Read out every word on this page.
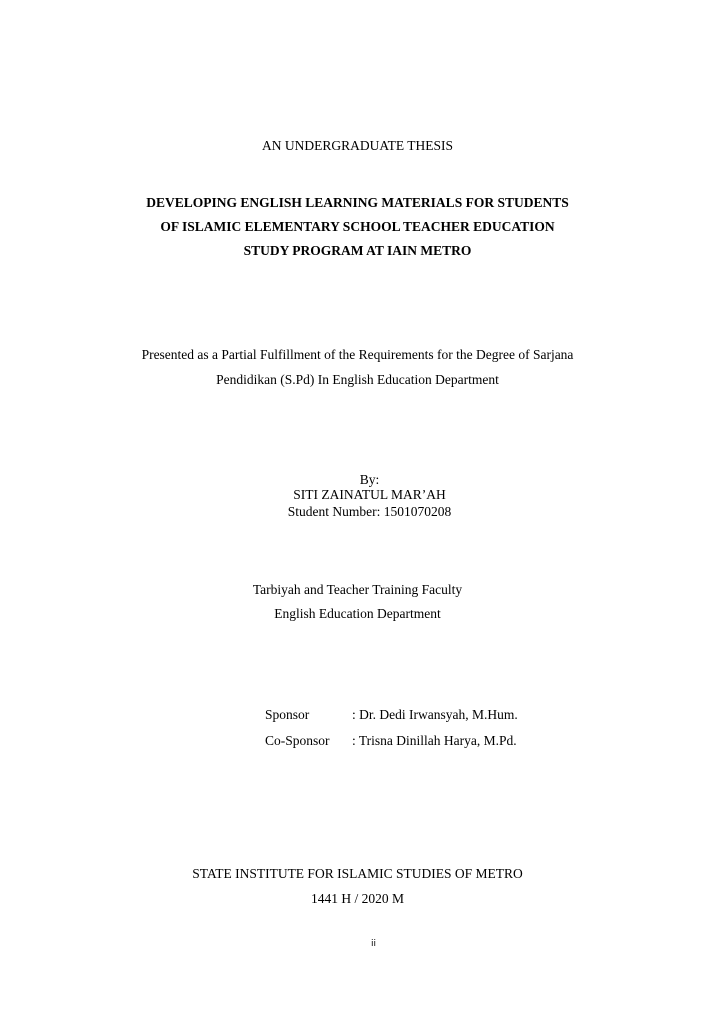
AN UNDERGRADUATE THESIS
DEVELOPING ENGLISH LEARNING MATERIALS FOR STUDENTS
OF ISLAMIC ELEMENTARY SCHOOL TEACHER EDUCATION
STUDY PROGRAM AT IAIN METRO
Presented as a Partial Fulfillment of the Requirements for the Degree of Sarjana
Pendidikan (S.Pd) In English Education Department
By:
SITI ZAINATUL MAR’AH
Student Number: 1501070208
Tarbiyah and Teacher Training Faculty
English Education Department
Sponsor	: Dr. Dedi Irwansyah, M.Hum.
Co-Sponsor : Trisna Dinillah Harya, M.Pd.
STATE INSTITUTE FOR ISLAMIC STUDIES OF METRO
1441 H / 2020 M
ii
